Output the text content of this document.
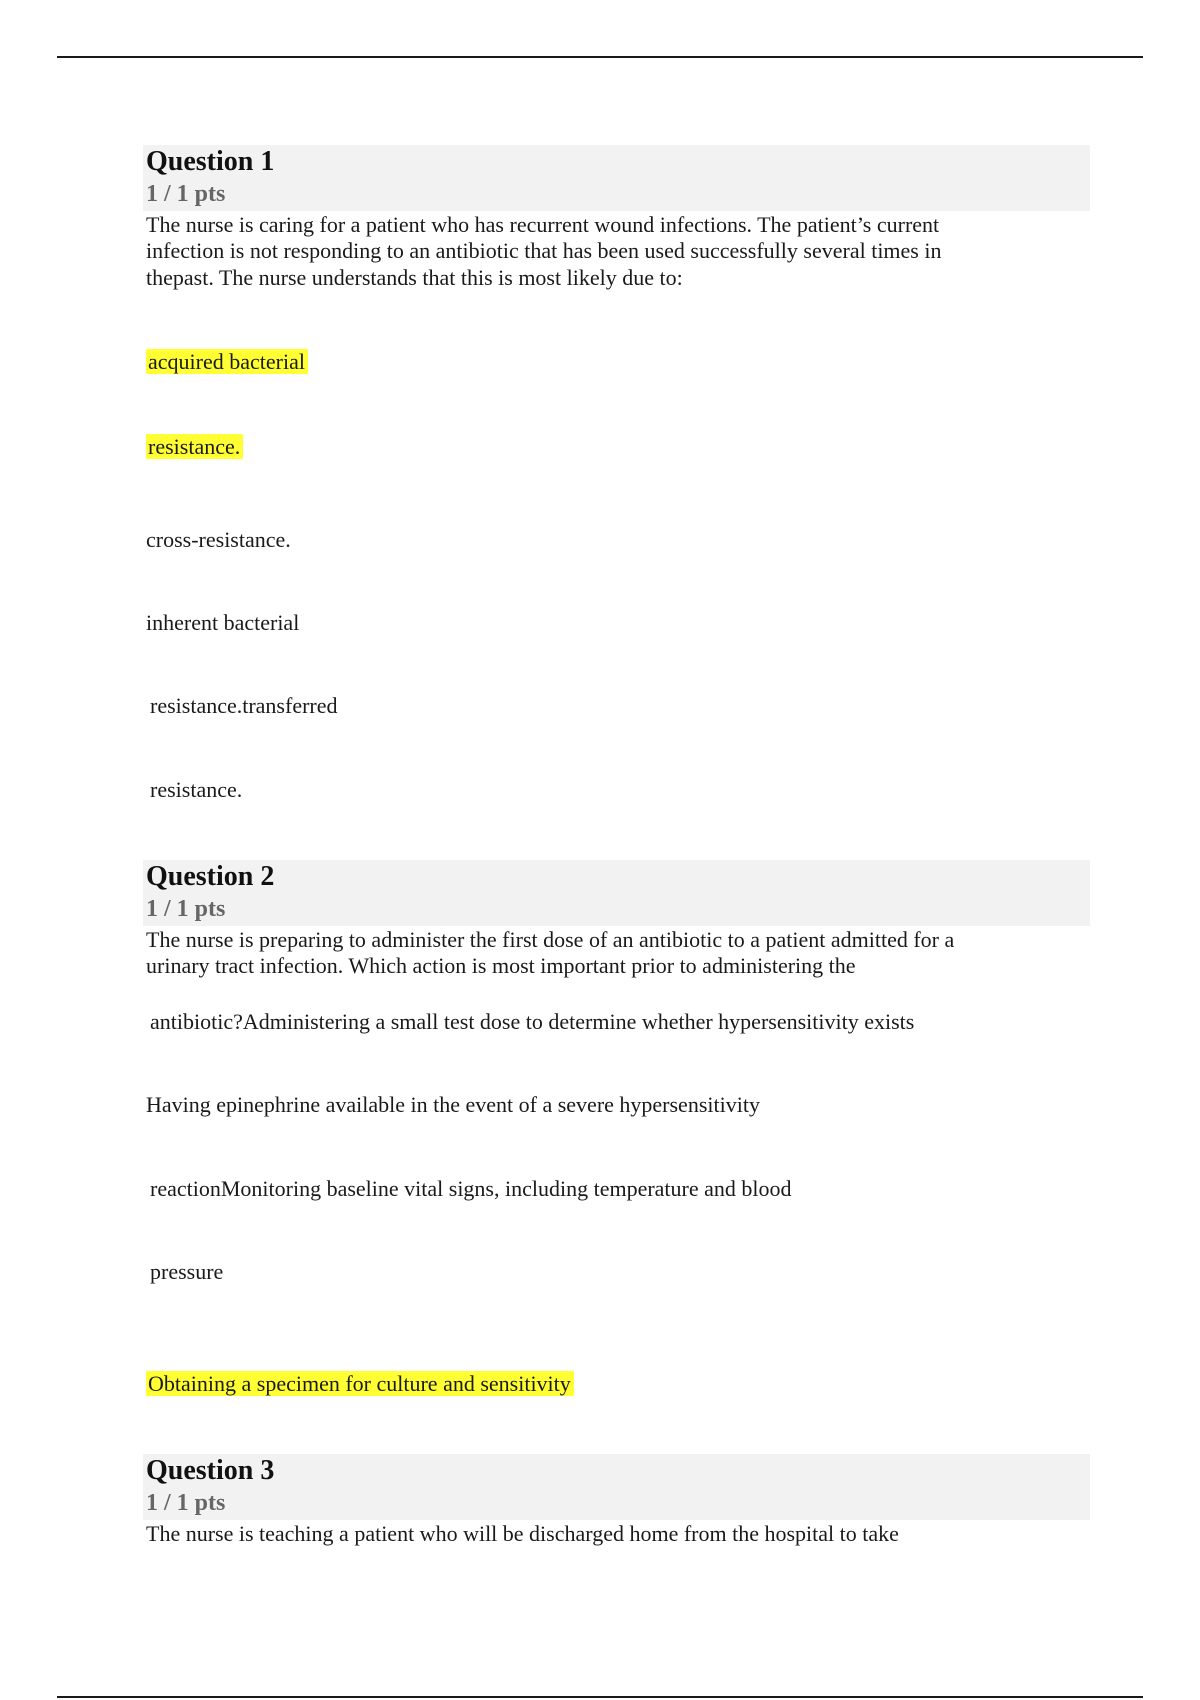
Question 1
1 / 1 pts
The nurse is caring for a patient who has recurrent wound infections. The patient’s current
infection is not responding to an antibiotic that has been used successfully several times in
thepast. The nurse understands that this is most likely due to:
acquired bacterial
resistance.
cross-resistance.
inherent bacterial
resistance.transferred
resistance.
Question 2
1 / 1 pts
The nurse is preparing to administer the first dose of an antibiotic to a patient admitted for a
urinary tract infection. Which action is most important prior to administering the
antibiotic?Administering a small test dose to determine whether hypersensitivity exists
Having epinephrine available in the event of a severe hypersensitivity
reactionMonitoring baseline vital signs, including temperature and blood
pressure
Obtaining a specimen for culture and sensitivity
Question 3
1 / 1 pts
The nurse is teaching a patient who will be discharged home from the hospital to take
